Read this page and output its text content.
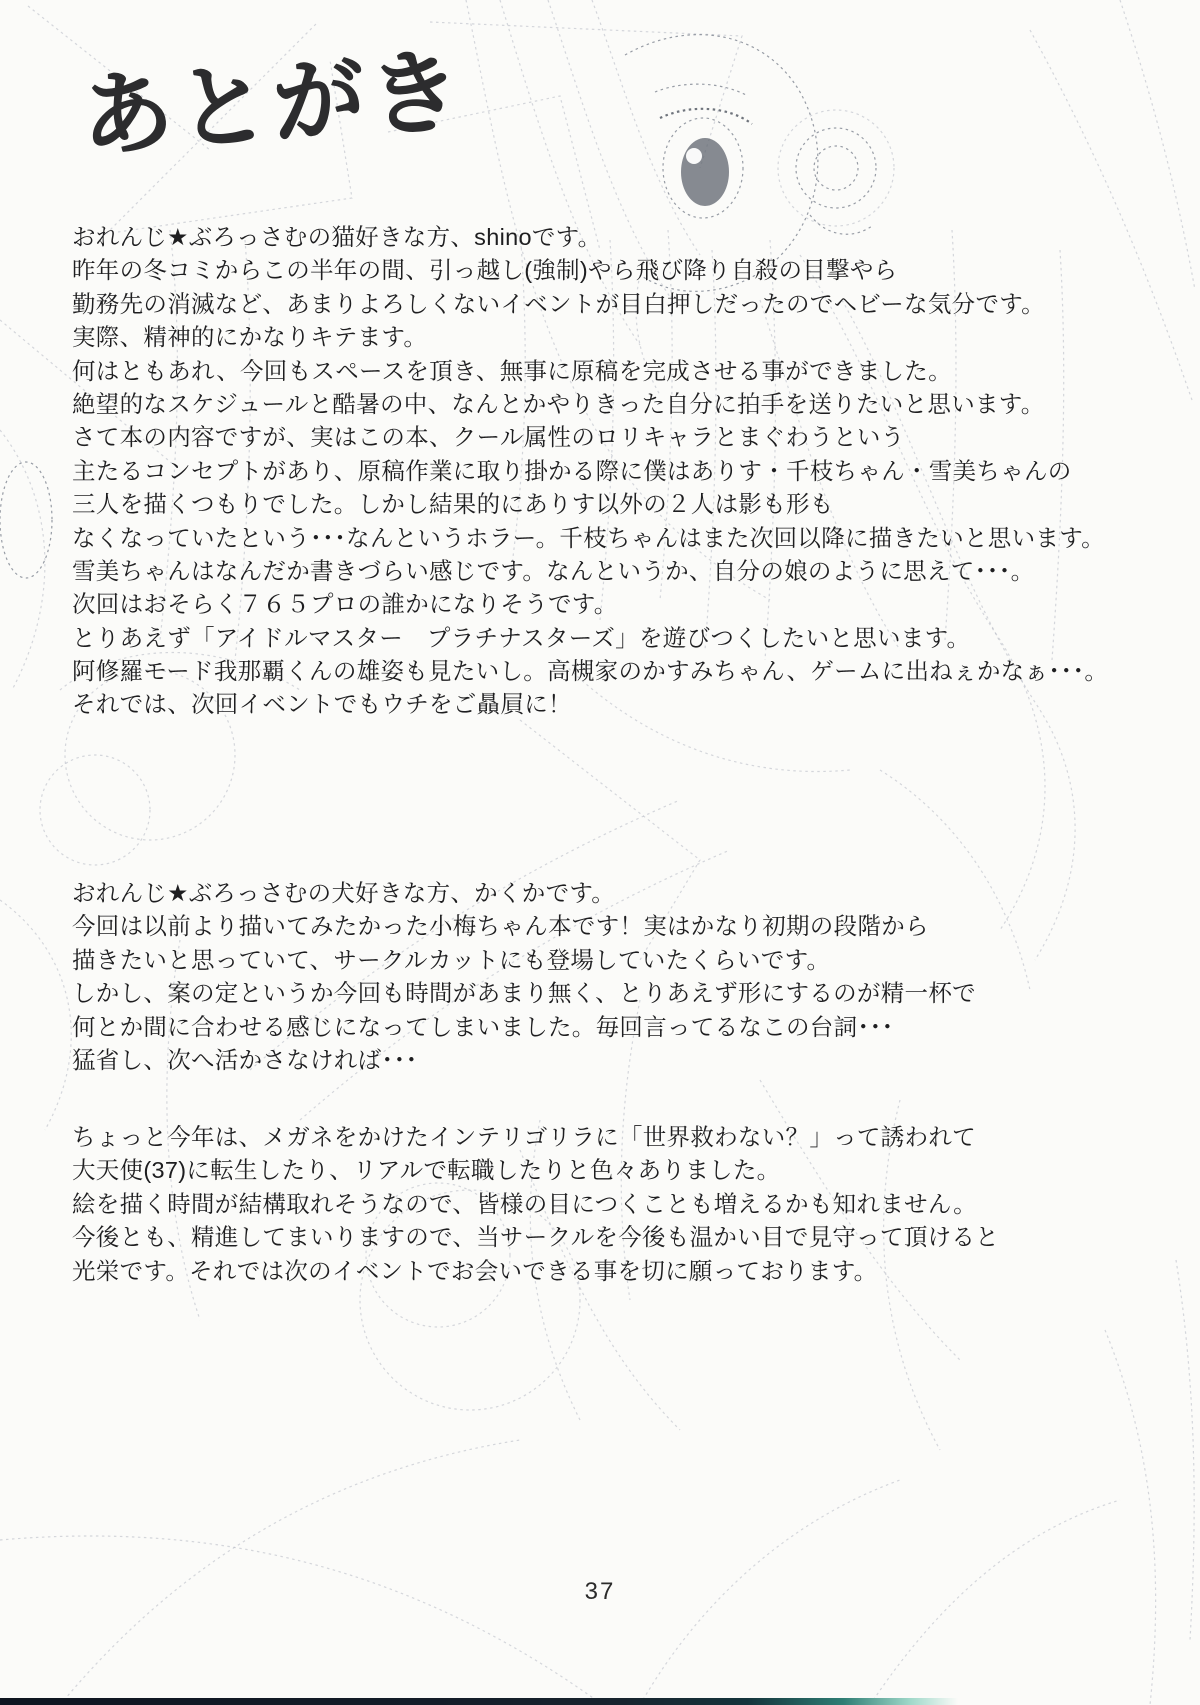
あとがき
おれんじ★ぶろっさむの猫好きな方、shinoです。
昨年の冬コミからこの半年の間、引っ越し(強制)やら飛び降り自殺の目撃やら
勤務先の消滅など、あまりよろしくないイベントが目白押しだったのでヘビーな気分です。
実際、精神的にかなりキテます。
何はともあれ、今回もスペースを頂き、無事に原稿を完成させる事ができました。
絶望的なスケジュールと酷暑の中、なんとかやりきった自分に拍手を送りたいと思います。
さて本の内容ですが、実はこの本、クール属性のロリキャラとまぐわうという
主たるコンセプトがあり、原稿作業に取り掛かる際に僕はありす・千枝ちゃん・雪美ちゃんの
三人を描くつもりでした。しかし結果的にありす以外の２人は影も形も
なくなっていたという･･･なんというホラー。千枝ちゃんはまた次回以降に描きたいと思います。
雪美ちゃんはなんだか書きづらい感じです。なんというか、自分の娘のように思えて･･･。
次回はおそらく７６５プロの誰かになりそうです。
とりあえず「アイドルマスター　プラチナスターズ」を遊びつくしたいと思います。
阿修羅モード我那覇くんの雄姿も見たいし。高槻家のかすみちゃん、ゲームに出ねぇかなぁ･･･。
それでは、次回イベントでもウチをご贔屓に！
おれんじ★ぶろっさむの犬好きな方、かくかです。
今回は以前より描いてみたかった小梅ちゃん本です！実はかなり初期の段階から
描きたいと思っていて、サークルカットにも登場していたくらいです。
しかし、案の定というか今回も時間があまり無く、とりあえず形にするのが精一杯で
何とか間に合わせる感じになってしまいました。毎回言ってるなこの台詞･･･
猛省し、次へ活かさなければ･･･
ちょっと今年は、メガネをかけたインテリゴリラに「世界救わない？」って誘われて
大天使(37)に転生したり、リアルで転職したりと色々ありました。
絵を描く時間が結構取れそうなので、皆様の目につくことも増えるかも知れません。
今後とも、精進してまいりますので、当サークルを今後も温かい目で見守って頂けると
光栄です。それでは次のイベントでお会いできる事を切に願っております。
37
